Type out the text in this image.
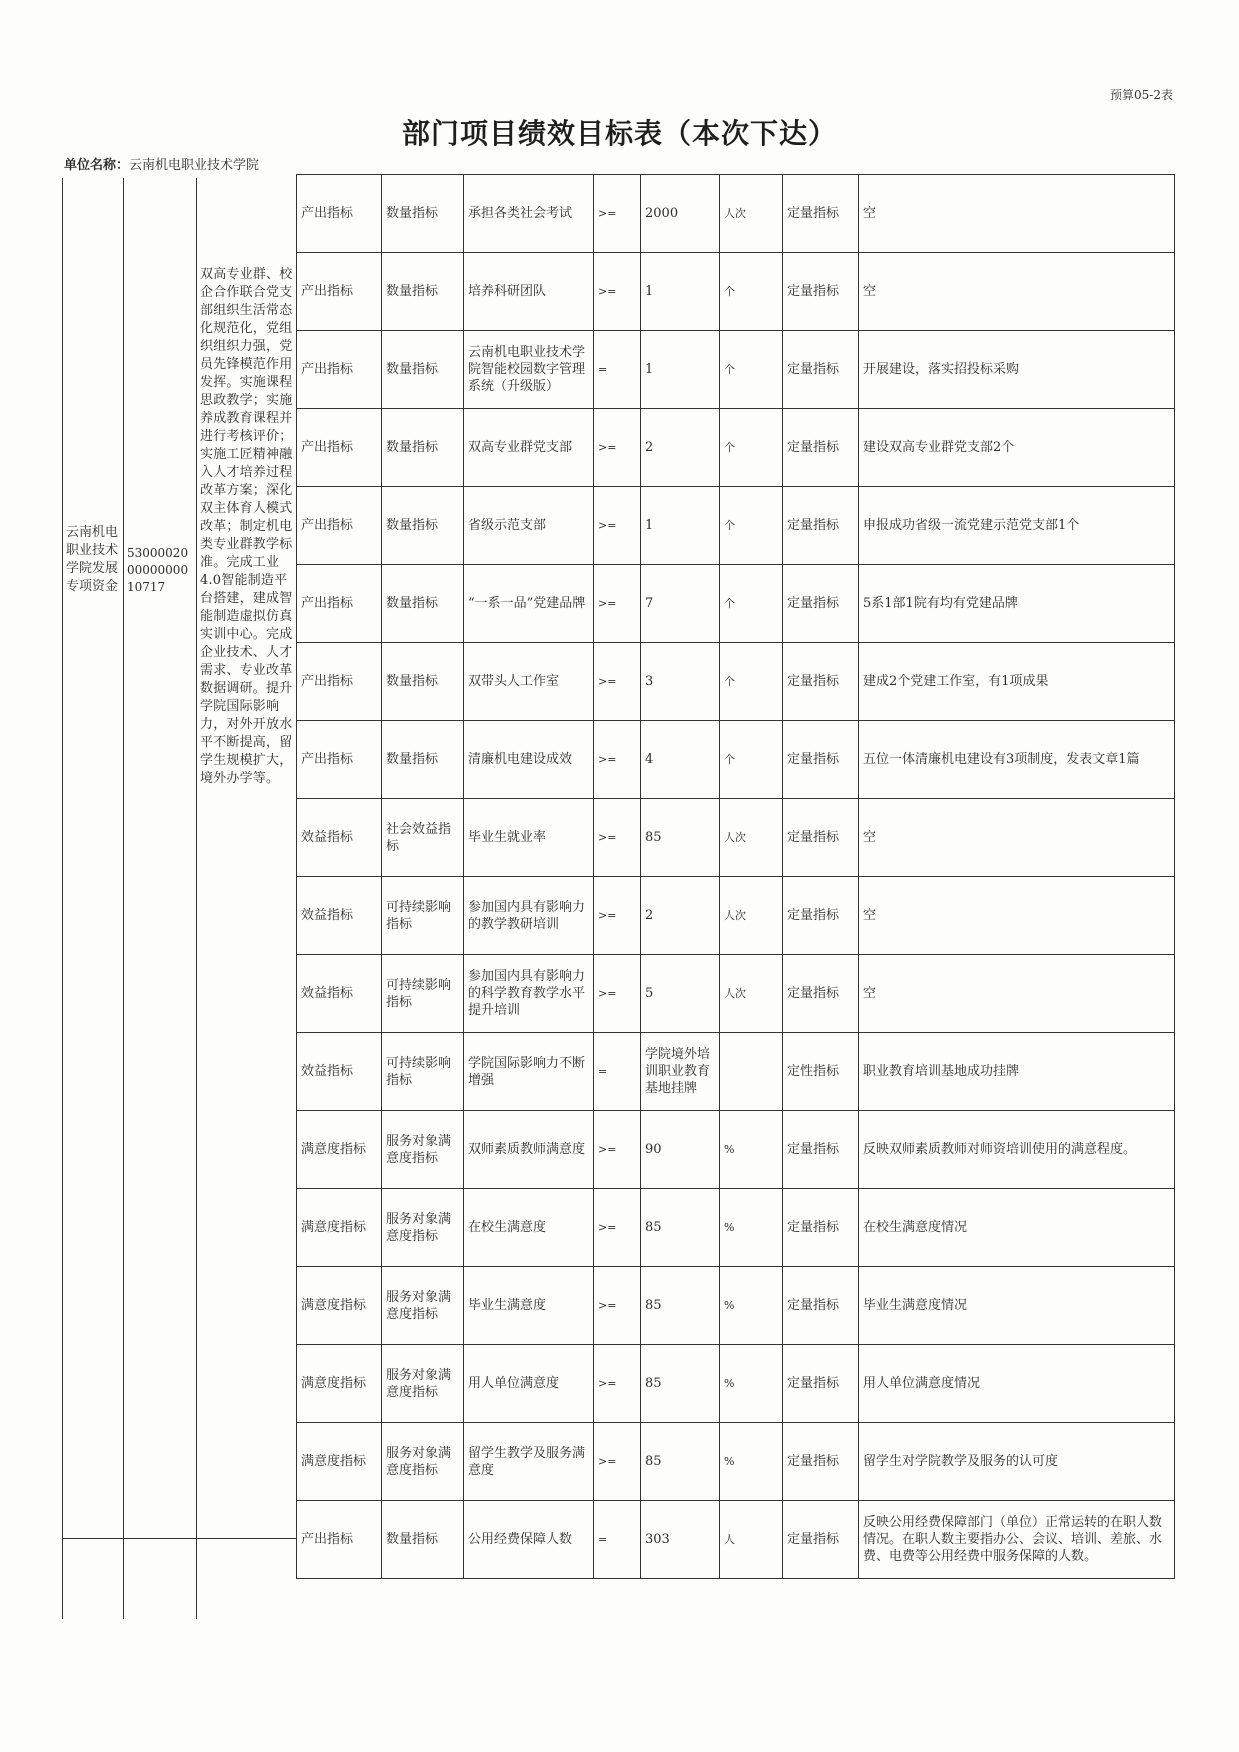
预算05-2表
部门项目绩效目标表（本次下达）
单位名称：云南机电职业技术学院
云南机电职业技术学院发展专项资金
530000200000000010717
双高专业群、校企合作联合党支部组织生活常态化规范化，党组织组织力强，党员先锋模范作用发挥。实施课程思政教学；实施养成教育课程并进行考核评价；实施工匠精神融入人才培养过程改革方案；深化双主体育人模式改革；制定机电类专业群教学标准。完成工业4.0智能制造平台搭建，建成智能制造虚拟仿真实训中心。完成企业技术、人才需求、专业改革数据调研。提升学院国际影响力，对外开放水平不断提高，留学生规模扩大，境外办学等。
产出指标	数量指标	承担各类社会考试	>=	2000	人次	定量指标	空
产出指标	数量指标	培养科研团队	>=	1	个	定量指标	空
产出指标	数量指标	云南机电职业技术学院智能校园数字管理系统（升级版）	=	1	个	定量指标	开展建设，落实招投标采购
产出指标	数量指标	双高专业群党支部	>=	2	个	定量指标	建设双高专业群党支部2个
产出指标	数量指标	省级示范支部	>=	1	个	定量指标	申报成功省级一流党建示范党支部1个
产出指标	数量指标	“一系一品”党建品牌	>=	7	个	定量指标	5系1部1院有均有党建品牌
产出指标	数量指标	双带头人工作室	>=	3	个	定量指标	建成2个党建工作室，有1项成果
产出指标	数量指标	清廉机电建设成效	>=	4	个	定量指标	五位一体清廉机电建设有3项制度，发表文章1篇
效益指标	社会效益指标	毕业生就业率	>=	85	人次	定量指标	空
效益指标	可持续影响指标	参加国内具有影响力的教学教研培训	>=	2	人次	定量指标	空
效益指标	可持续影响指标	参加国内具有影响力的科学教育教学水平提升培训	>=	5	人次	定量指标	空
效益指标	可持续影响指标	学院国际影响力不断增强	=	学院境外培训职业教育基地挂牌		定性指标	职业教育培训基地成功挂牌
满意度指标	服务对象满意度指标	双师素质教师满意度	>=	90	%	定量指标	反映双师素质教师对师资培训使用的满意程度。
满意度指标	服务对象满意度指标	在校生满意度	>=	85	%	定量指标	在校生满意度情况
满意度指标	服务对象满意度指标	毕业生满意度	>=	85	%	定量指标	毕业生满意度情况
满意度指标	服务对象满意度指标	用人单位满意度	>=	85	%	定量指标	用人单位满意度情况
满意度指标	服务对象满意度指标	留学生教学及服务满意度	>=	85	%	定量指标	留学生对学院教学及服务的认可度
产出指标	数量指标	公用经费保障人数	=	303	人	定量指标	反映公用经费保障部门（单位）正常运转的在职人数情况。在职人数主要指办公、会议、培训、差旅、水费、电费等公用经费中服务保障的人数。
